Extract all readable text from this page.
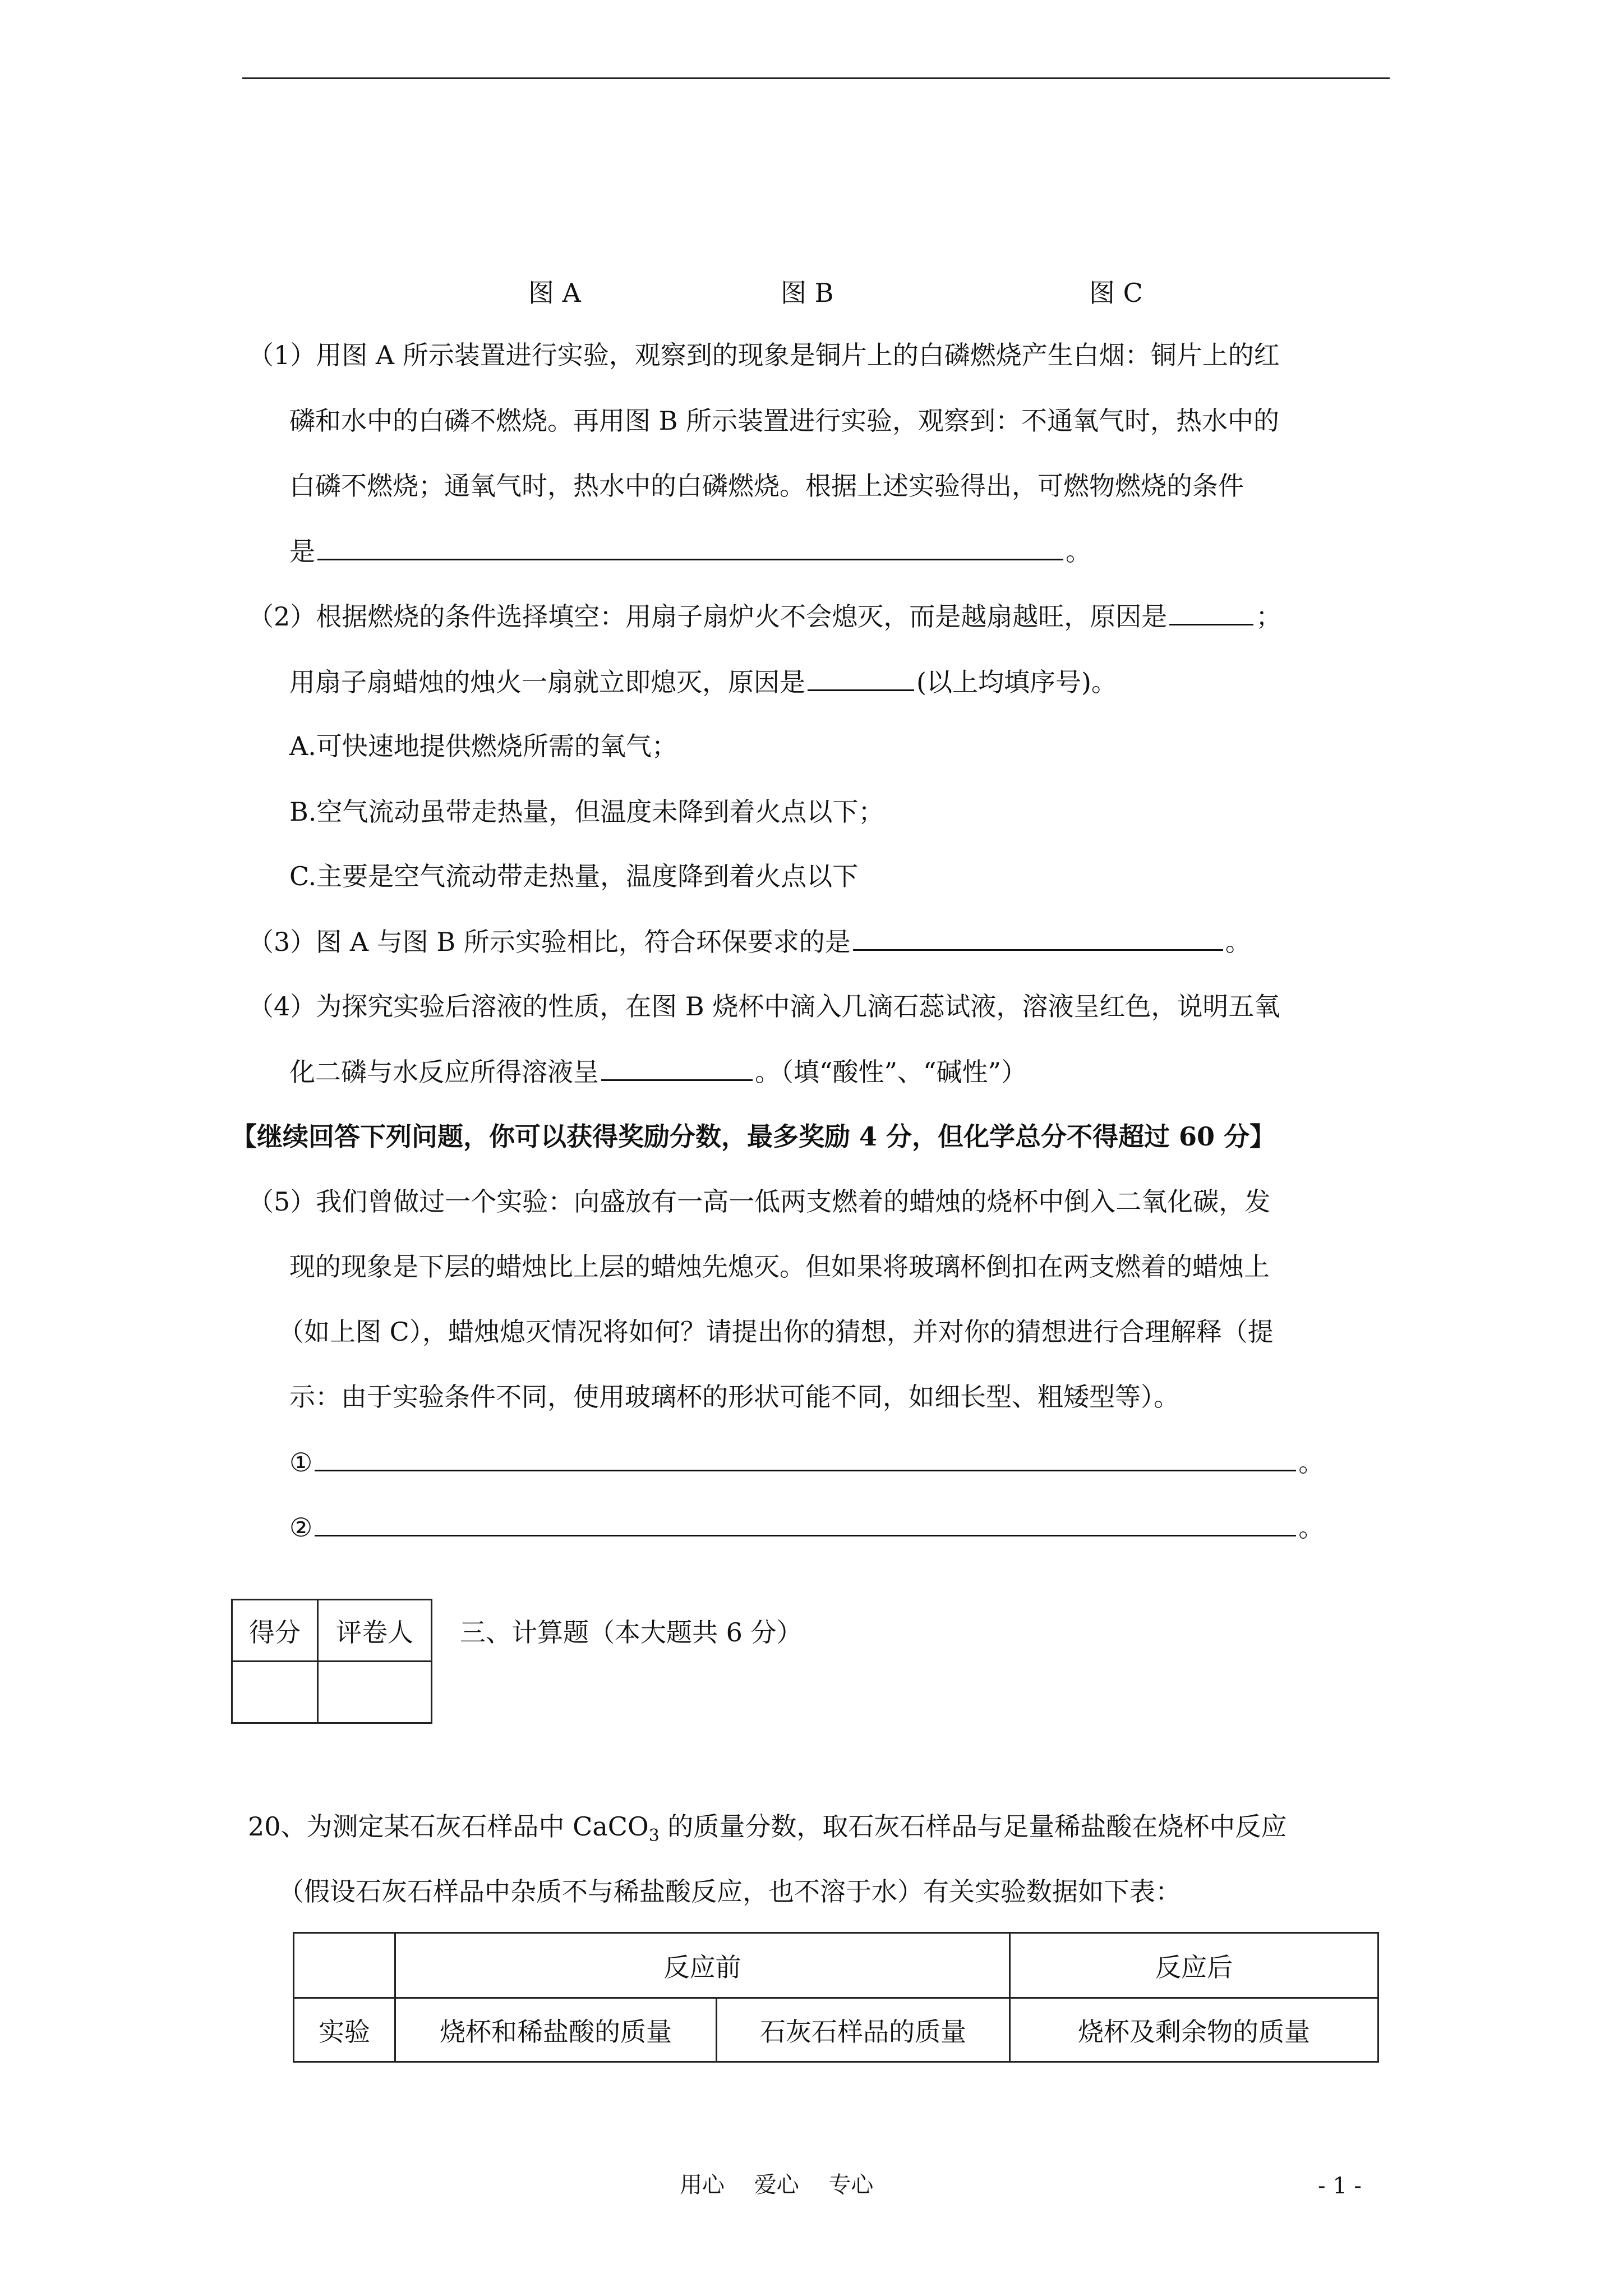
图 A	图 B	图 C
（1）用图 A 所示装置进行实验，观察到的现象是铜片上的白磷燃烧产生白烟：铜片上的红
磷和水中的白磷不燃烧。再用图 B 所示装置进行实验，观察到：不通氧气时，热水中的
白磷不燃烧；通氧气时，热水中的白磷燃烧。根据上述实验得出，可燃物燃烧的条件
是	。
（2）根据燃烧的条件选择填空：用扇子扇炉火不会熄灭，而是越扇越旺，原因是	；
用扇子扇蜡烛的烛火一扇就立即熄灭，原因是	(以上均填序号)。
A.可快速地提供燃烧所需的氧气；
B.空气流动虽带走热量，但温度未降到着火点以下；
C.主要是空气流动带走热量，温度降到着火点以下
（3）图 A 与图 B 所示实验相比，符合环保要求的是	。
（4）为探究实验后溶液的性质，在图 B 烧杯中滴入几滴石蕊试液，溶液呈红色，说明五氧
化二磷与水反应所得溶液呈	。（填“酸性”、“碱性”）
【继续回答下列问题，你可以获得奖励分数，最多奖励 4 分，但化学总分不得超过 60 分】
（5）我们曾做过一个实验：向盛放有一高一低两支燃着的蜡烛的烧杯中倒入二氧化碳，发
现的现象是下层的蜡烛比上层的蜡烛先熄灭。但如果将玻璃杯倒扣在两支燃着的蜡烛上
（如上图 C），蜡烛熄灭情况将如何？请提出你的猜想，并对你的猜想进行合理解释（提
示：由于实验条件不同，使用玻璃杯的形状可能不同，如细长型、粗矮型等）。
①	。
②	。
得分	评卷人
	三、计算题（本大题共 6 分）
20、为测定某石灰石样品中 CaCO$_3$ 的质量分数，取石灰石样品与足量稀盐酸在烧杯中反应
（假设石灰石样品中杂质不与稀盐酸反应，也不溶于水）有关实验数据如下表：
	反应前		反应后
实验	烧杯和稀盐酸的质量	石灰石样品的质量	烧杯及剩余物的质量
用心　 爱心　 专心	- 1 -
